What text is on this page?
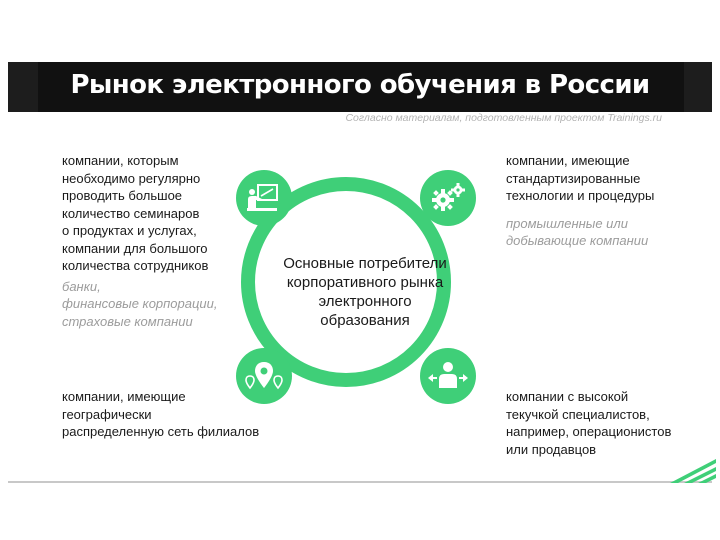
Рынок электронного обучения в России
Согласно материалам, подготовленным проектом Trainings.ru
компании, которым
необходимо регулярно
проводить большое
количество семинаров
о продуктах и услугах,
компании для большого
количества сотрудников
банки,
финансовые корпорации,
страховые компании
компании, имеющие
стандартизированные
технологии и процедуры
промышленные или
добывающие компании
компании, имеющие
географически
распределенную сеть филиалов
компании с высокой
текучкой специалистов,
например, операционистов
или продавцов
Основные потребители
корпоративного рынка
электронного
образования
